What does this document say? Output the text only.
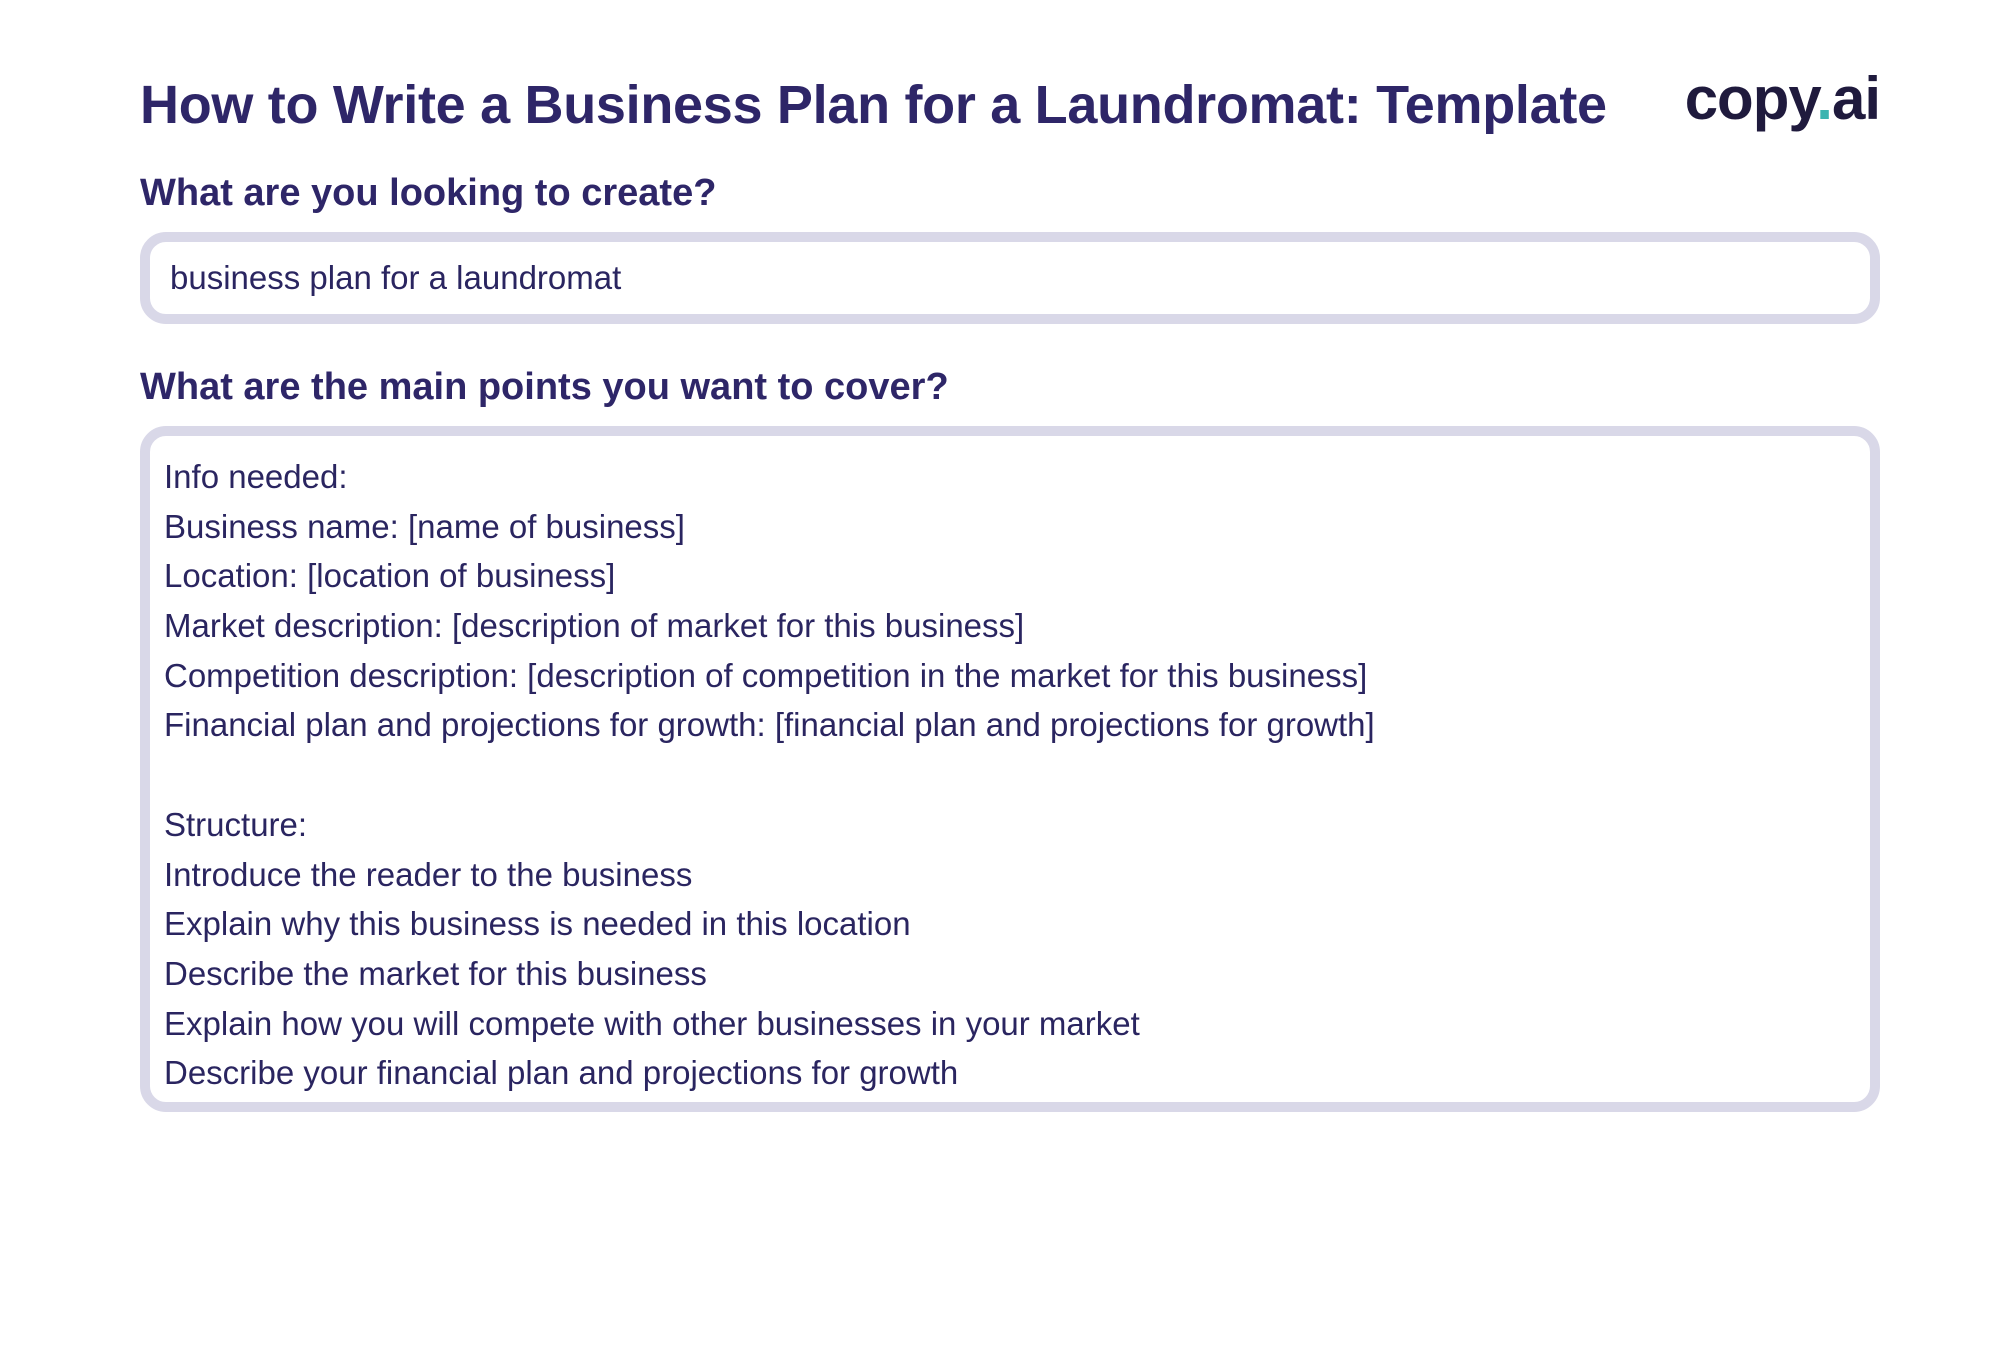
How to Write a Business Plan for a Laundromat: Template copy.ai
What are you looking to create?
business plan for a laundromat
What are the main points you want to cover?
Info needed:
Business name: [name of business]
Location: [location of business]
Market description: [description of market for this business]
Competition description: [description of competition in the market for this business]
Financial plan and projections for growth: [financial plan and projections for growth]
Structure:
Introduce the reader to the business
Explain why this business is needed in this location
Describe the market for this business
Explain how you will compete with other businesses in your market
Describe your financial plan and projections for growth
